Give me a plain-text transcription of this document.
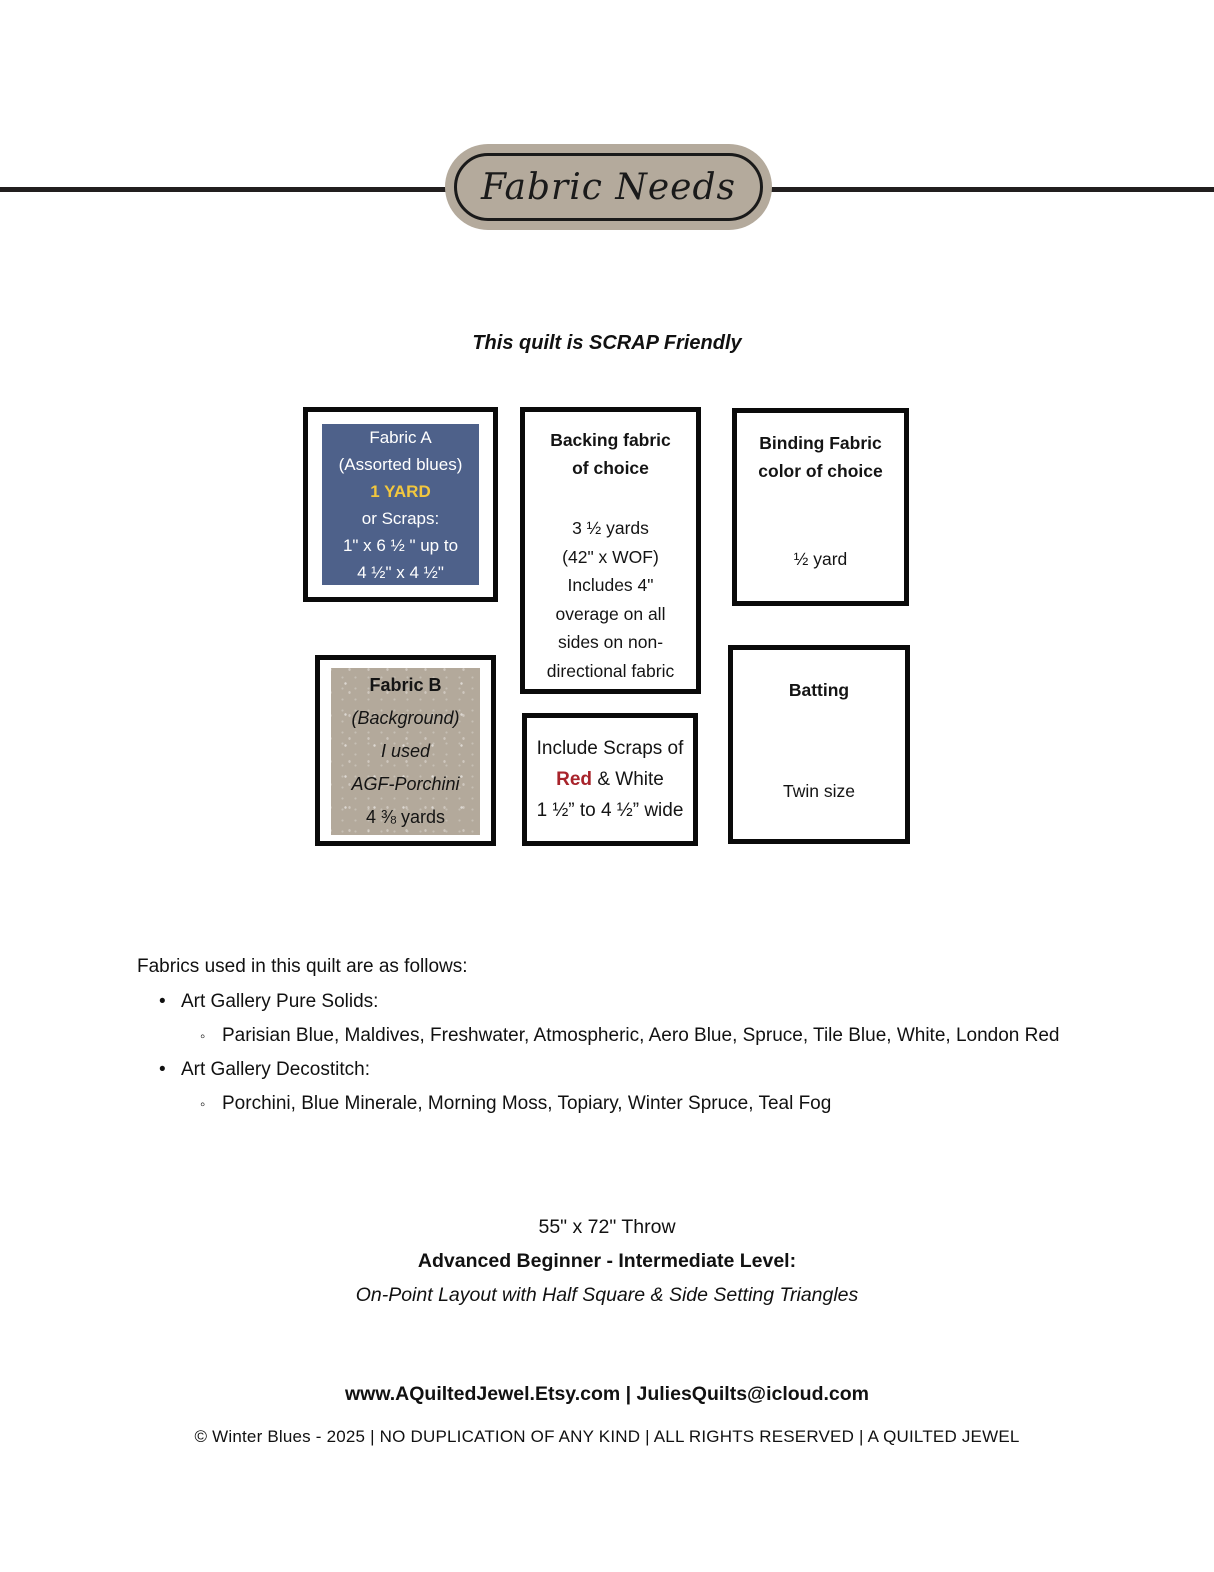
Fabric Needs
This quilt is SCRAP Friendly
Fabric A
(Assorted blues)
1 YARD
or Scraps:
1" x 6 ½ " up to
4 ½" x 4 ½"
Backing fabric
of choice
3 ½ yards
(42" x WOF)
Includes 4"
overage on all
sides on non-
directional fabric
Binding Fabric
color of choice
½ yard
Fabric B
(Background)
I used
AGF-Porchini
4 ⅜ yards
Include Scraps of
Red & White
1 ½” to 4 ½” wide
Batting
Twin size
Fabrics used in this quilt are as follows:
• Art Gallery Pure Solids:
◦ Parisian Blue, Maldives, Freshwater, Atmospheric, Aero Blue, Spruce, Tile Blue, White, London Red
• Art Gallery Decostitch:
◦ Porchini, Blue Minerale, Morning Moss, Topiary, Winter Spruce, Teal Fog
55" x 72" Throw
Advanced Beginner - Intermediate Level:
On-Point Layout with Half Square & Side Setting Triangles
www.AQuiltedJewel.Etsy.com | JuliesQuilts@icloud.com
© Winter Blues - 2025 | NO DUPLICATION OF ANY KIND | ALL RIGHTS RESERVED | A QUILTED JEWEL
